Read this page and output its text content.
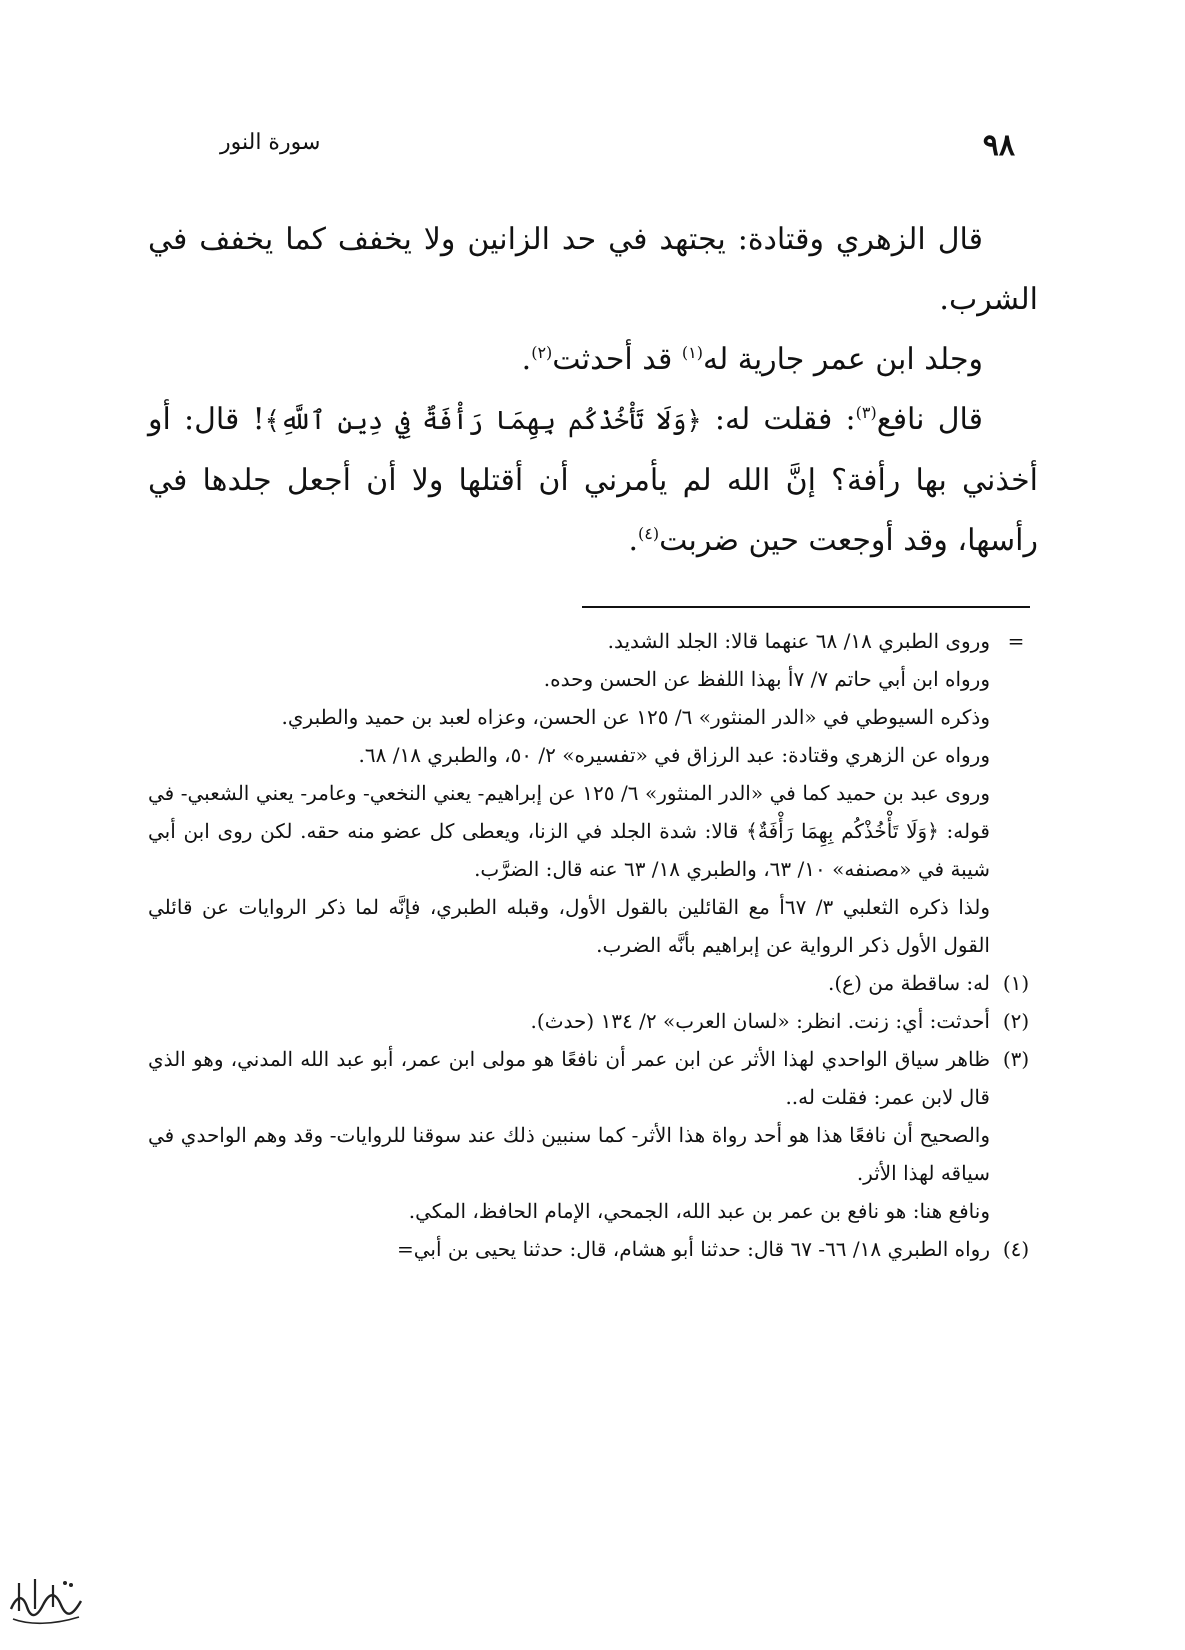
٩٨
سورة النور

قال الزهري وقتادة: يجتهد في حد الزانين ولا يخفف كما يخفف في الشرب.

وجلد ابن عمر جارية له$^{(١)}$ قد أحدثت$^{(٢)}$.

قال نافع$^{(٣)}$: فقلت له: ﴿وَلَا تَأْخُذْكُم بِهِمَا رَأْفَةٌ فِي دِينِ ٱللَّهِ﴾! قال: أو أخذني بها رأفة؟ إنَّ الله لم يأمرني أن أقتلها ولا أن أجعل جلدها في رأسها، وقد أوجعت حين ضربت$^{(٤)}$.

=
وروى الطبري ١٨/ ٦٨ عنهما قالا: الجلد الشديد.
ورواه ابن أبي حاتم ٧/ ٧أ بهذا اللفظ عن الحسن وحده.
وذكره السيوطي في «الدر المنثور» ٦/ ١٢٥ عن الحسن، وعزاه لعبد بن حميد والطبري.
ورواه عن الزهري وقتادة: عبد الرزاق في «تفسيره» ٢/ ٥٠، والطبري ١٨/ ٦٨.
وروى عبد بن حميد كما في «الدر المنثور» ٦/ ١٢٥ عن إبراهيم- يعني النخعي- وعامر- يعني الشعبي- في قوله: ﴿وَلَا تَأْخُذْكُم بِهِمَا رَأْفَةٌ﴾ قالا: شدة الجلد في الزنا، ويعطى كل عضو منه حقه. لكن روى ابن أبي شيبة في «مصنفه» ١٠/ ٦٣، والطبري ١٨/ ٦٣ عنه قال: الضرَّب.
ولذا ذكره الثعلبي ٣/ ٦٧أ مع القائلين بالقول الأول، وقبله الطبري، فإنَّه لما ذكر الروايات عن قائلي القول الأول ذكر الرواية عن إبراهيم بأنَّه الضرب.
(١)
له: ساقطة من (ع).
(٢)
أحدثت: أي: زنت. انظر: «لسان العرب» ٢/ ١٣٤ (حدث).
(٣)
ظاهر سياق الواحدي لهذا الأثر عن ابن عمر أن نافعًا هو مولى ابن عمر، أبو عبد الله المدني، وهو الذي قال لابن عمر: فقلت له..
والصحيح أن نافعًا هذا هو أحد رواة هذا الأثر- كما سنبين ذلك عند سوقنا للروايات- وقد وهم الواحدي في سياقه لهذا الأثر.
ونافع هنا: هو نافع بن عمر بن عبد الله، الجمحي، الإمام الحافظ، المكي.
(٤)
رواه الطبري ١٨/ ٦٦- ٦٧ قال: حدثنا أبو هشام، قال: حدثنا يحيى بن أبي=
